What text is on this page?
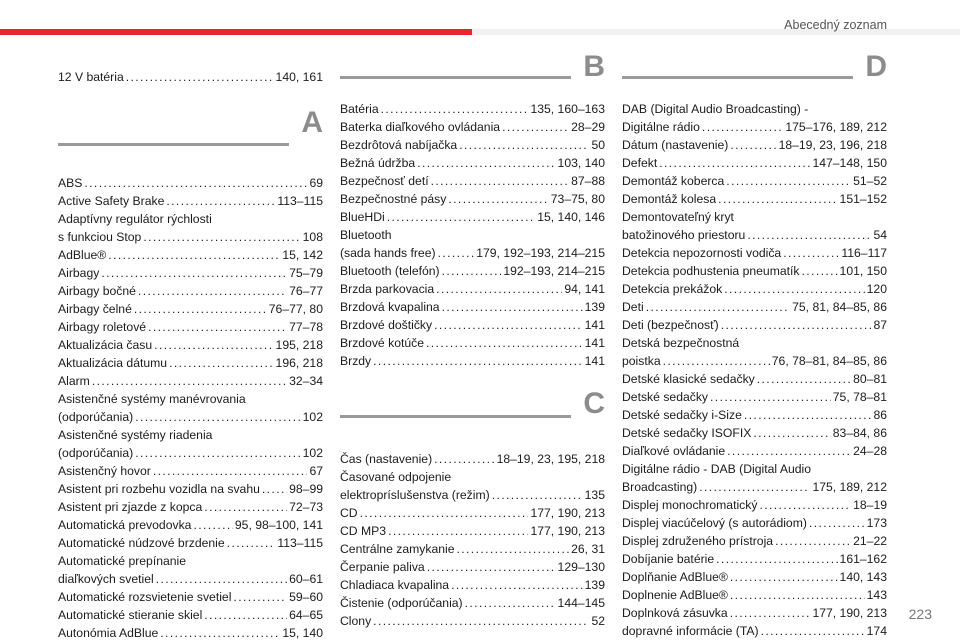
Abecedný zoznam
12 V batéria . . .	140, 161
A
ABS . . .	69
Active Safety Brake . . .	113–115
Adaptívny regulátor rýchlosti
s funkciou Stop . . .	108
AdBlue® . . .	15, 142
Airbagy . . .	75–79
Airbagy bočné . . .	76–77
Airbagy čelné . . .	76–77, 80
Airbagy roletové . . .	77–78
Aktualizácia času . . .	195, 218
Aktualizácia dátumu . . .	196, 218
Alarm . . .	32–34
Asistenčné systémy manévrovania
(odporúčania) . . .	102
Asistenčné systémy riadenia
(odporúčania) . . .	102
Asistenčný hovor . . .	67
Asistent pri rozbehu vozidla na svahu . . . 98–99
Asistent pri zjazde z kopca . . .	72–73
Automatická prevodovka . . .	95, 98–100, 141
Automatické núdzové brzdenie . . .	113–115
Automatické prepínanie
diaľkových svetiel . . .	60–61
Automatické rozsvietenie svetiel . . .	59–60
Automatické stieranie skiel . . .	64–65
Autonómia AdBlue . . .	15, 140
B
Batéria . . .	135, 160–163
Baterka diaľkového ovládania . . .	28–29
Bezdrôtová nabíjačka . . .	50
Bežná údržba . . .	103, 140
Bezpečnosť detí . . .	87–88
Bezpečnostné pásy . . .	73–75, 80
BlueHDi . . .	15, 140, 146
Bluetooth
(sada hands free) . . .	179, 192–193, 214–215
Bluetooth (telefón) . . .	192–193, 214–215
Brzda parkovacia . . .	94, 141
Brzdová kvapalina . . .	139
Brzdové doštičky . . .	141
Brzdové kotúče . . .	141
Brzdy . . .	141
C
Čas (nastavenie) . . .	18–19, 23, 195, 218
Časované odpojenie
elektropríslušenstva (režim) . . .	135
CD . . .	177, 190, 213
CD MP3 . . .	177, 190, 213
Centrálne zamykanie . . .	26, 31
Čerpanie paliva . . .	129–130
Chladiaca kvapalina . . .	139
Čistenie (odporúčania) . . .	144–145
Clony . . .	52
D
DAB (Digital Audio Broadcasting) -
Digitálne rádio . . .	175–176, 189, 212
Dátum (nastavenie) . . .	18–19, 23, 196, 218
Defekt . . .	147–148, 150
Demontáž koberca . . .	51–52
Demontáž kolesa . . .	151–152
Demontovateľný kryt
batožinového priestoru . . .	54
Detekcia nepozornosti vodiča . . .	116–117
Detekcia podhustenia pneumatík . . .	101, 150
Detekcia prekážok . . .	120
Deti . . .	75, 81, 84–85, 86
Deti (bezpečnosť) . . .	87
Detská bezpečnostná
poistka . . .	76, 78–81, 84–85, 86
Detské klasické sedačky . . .	80–81
Detské sedačky . . .	75, 78–81
Detské sedačky i-Size . . .	86
Detské sedačky ISOFIX . . .	83–84, 86
Diaľkové ovládanie . . .	24–28
Digitálne rádio - DAB (Digital Audio
Broadcasting) . . .	175, 189, 212
Displej monochromatický . . .	18–19
Displej viacúčelový (s autorádiom) . . .	173
Displej združeného prístroja . . .	21–22
Dobíjanie batérie . . .	161–162
Doplňanie AdBlue® . . .	140, 143
Doplnenie AdBlue® . . .	143
Doplnková zásuvka . . .	177, 190, 213
dopravné informácie (TA) . . .	174
223
